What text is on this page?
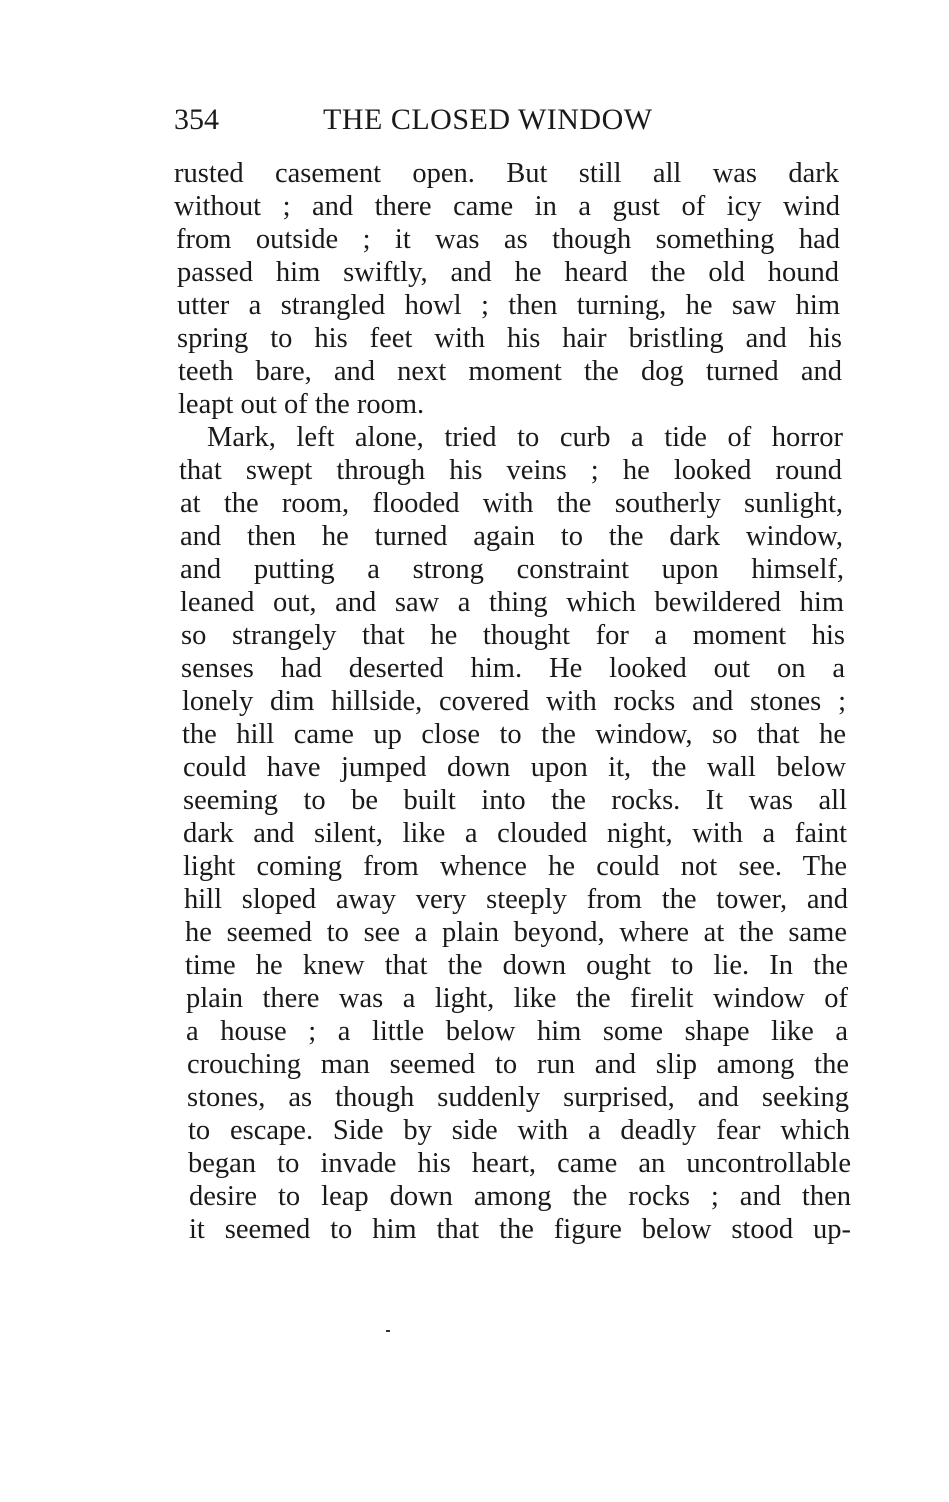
354	THE CLOSED WINDOW
rusted casement open. But still all was dark
without ; and there came in a gust of icy wind
from outside ; it was as though something had
passed him swiftly, and he heard the old hound
utter a strangled howl ; then turning, he saw him
spring to his feet with his hair bristling and his
teeth bare, and next moment the dog turned and
leapt out of the room.
Mark, left alone, tried to curb a tide of horror
that swept through his veins ; he looked round
at the room, flooded with the southerly sunlight,
and then he turned again to the dark window,
and putting a strong constraint upon himself,
leaned out, and saw a thing which bewildered him
so strangely that he thought for a moment his
senses had deserted him. He looked out on a
lonely dim hillside, covered with rocks and stones ;
the hill came up close to the window, so that he
could have jumped down upon it, the wall below
seeming to be built into the rocks. It was all
dark and silent, like a clouded night, with a faint
light coming from whence he could not see. The
hill sloped away very steeply from the tower, and
he seemed to see a plain beyond, where at the same
time he knew that the down ought to lie. In the
plain there was a light, like the firelit window of
a house ; a little below him some shape like a
crouching man seemed to run and slip among the
stones, as though suddenly surprised, and seeking
to escape. Side by side with a deadly fear which
began to invade his heart, came an uncontrollable
desire to leap down among the rocks ; and then
it seemed to him that the figure below stood up-
